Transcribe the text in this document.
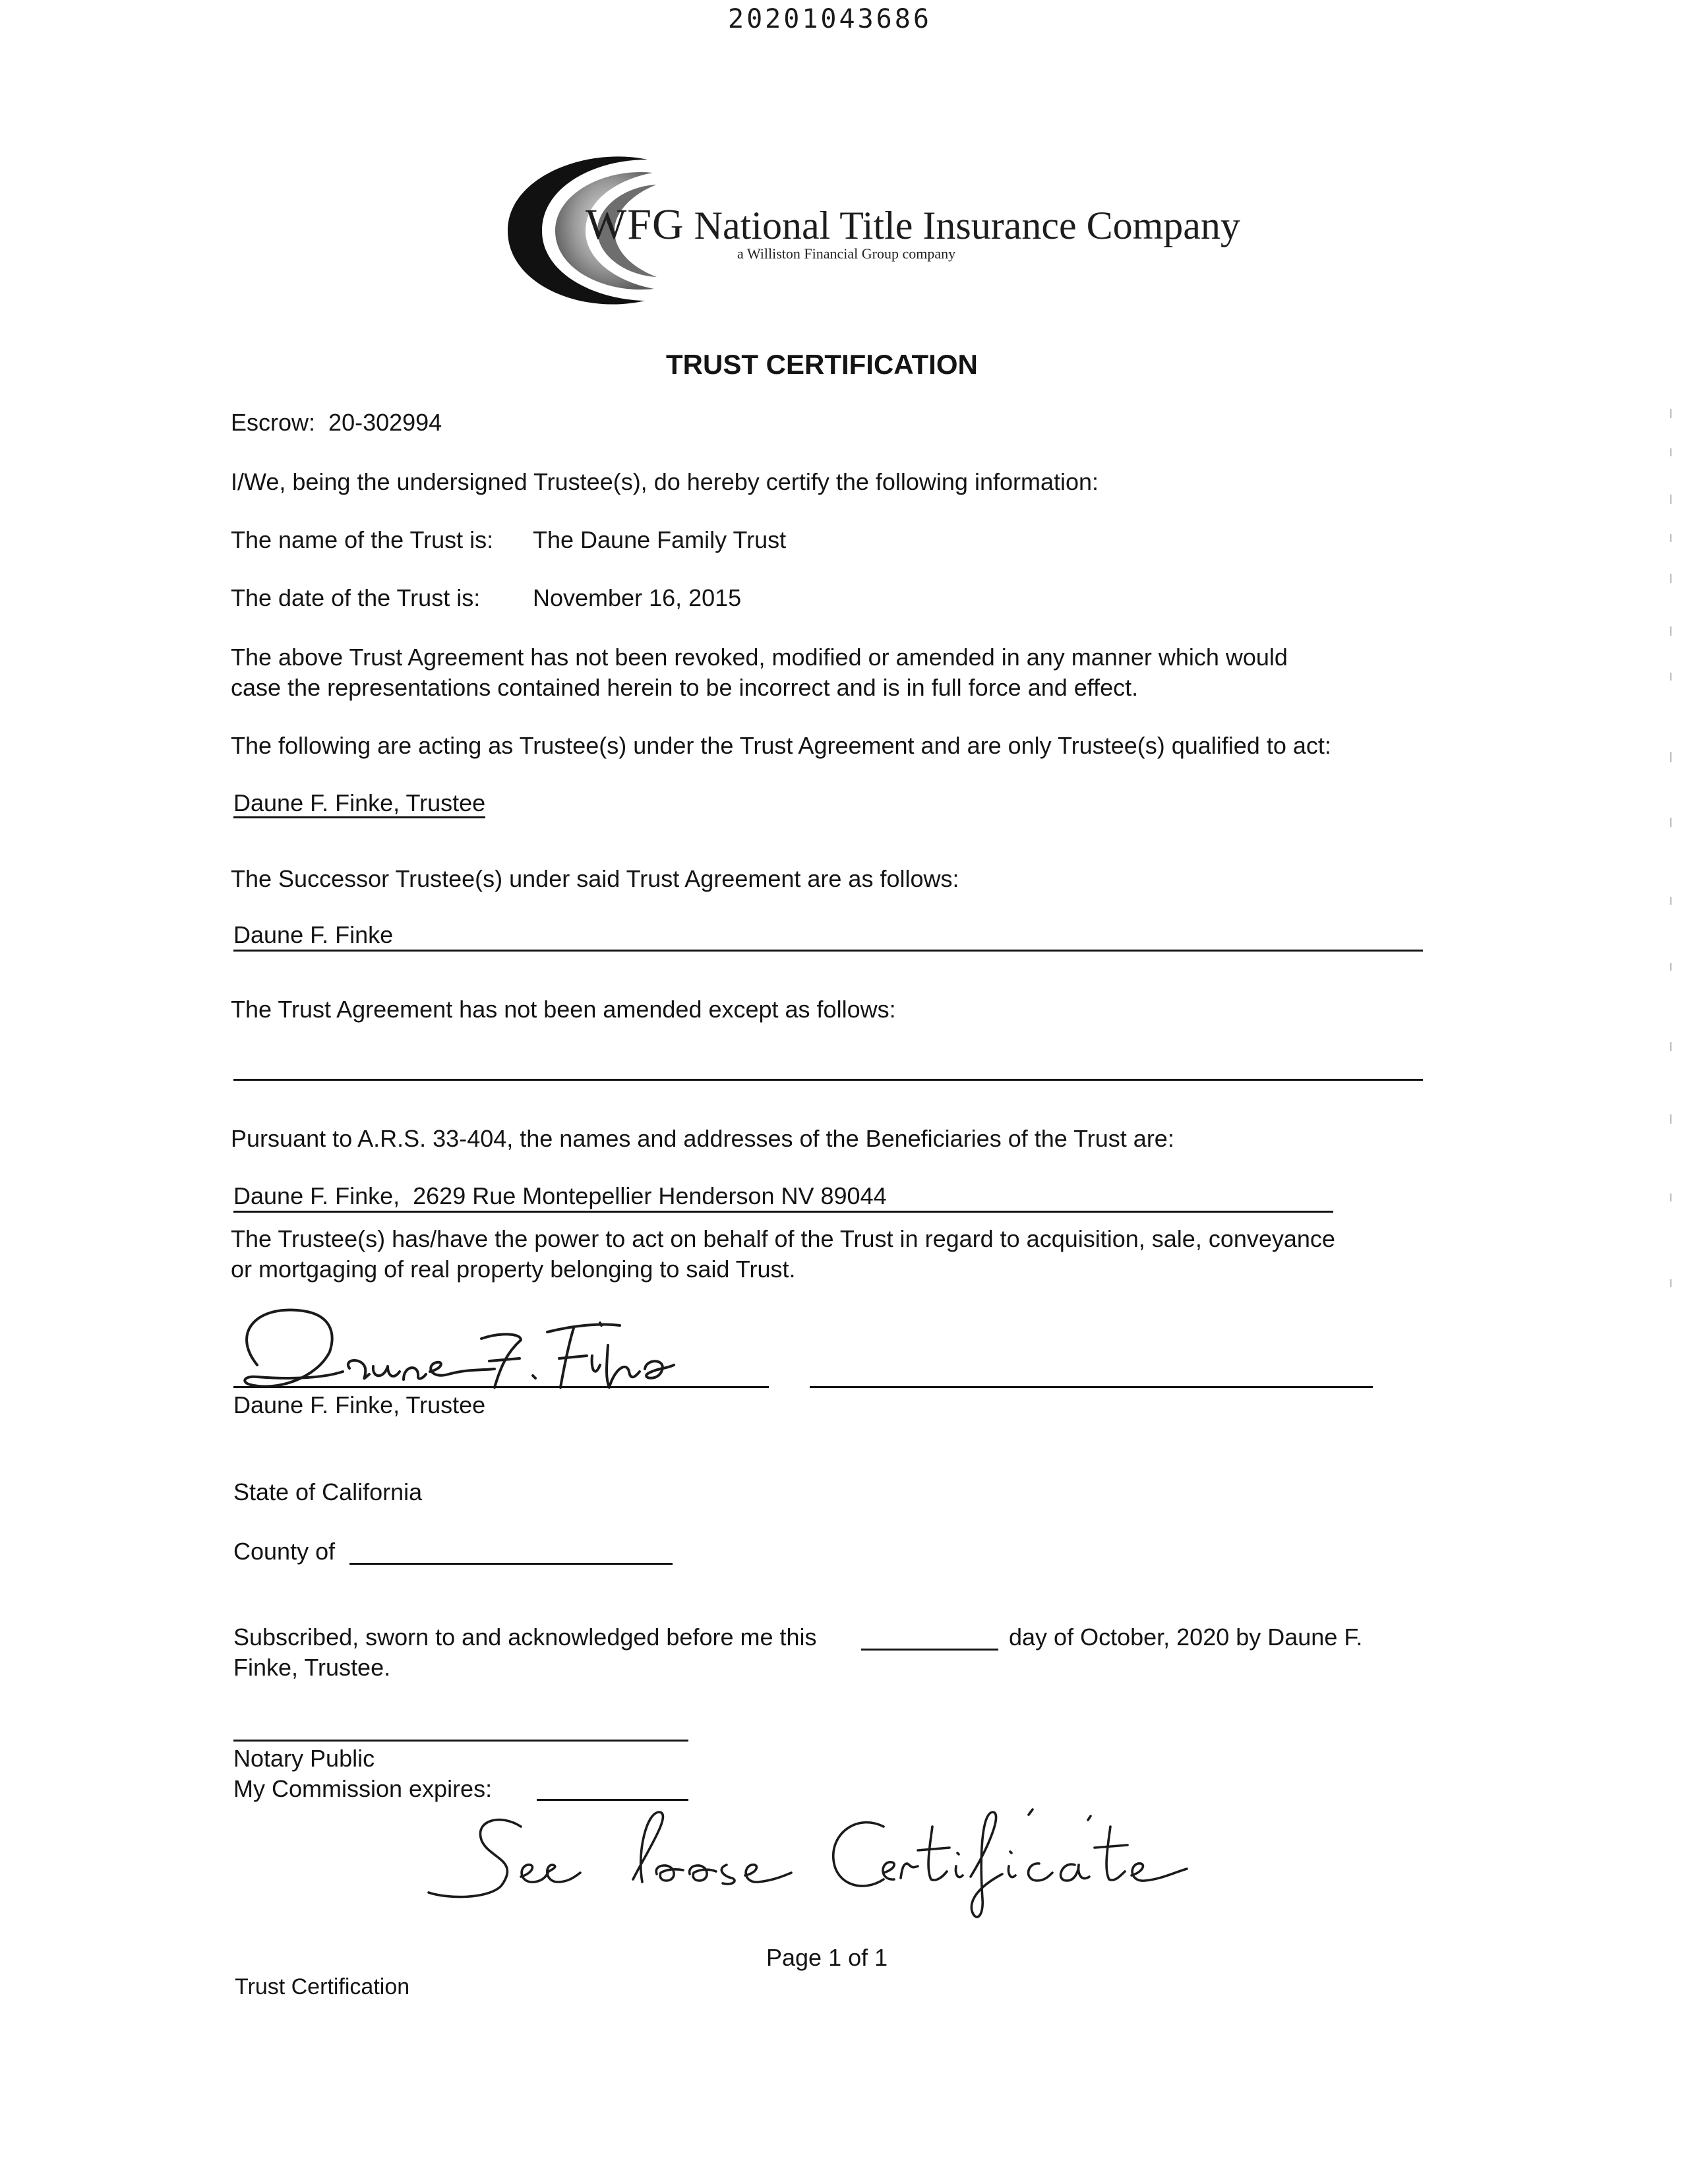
20201043686
WFG National Title Insurance Company
a Williston Financial Group company
TRUST CERTIFICATION
Escrow: 20-302994
I/We, being the undersigned Trustee(s), do hereby certify the following information:
The name of the Trust is: The Daune Family Trust
The date of the Trust is: November 16, 2015
The above Trust Agreement has not been revoked, modified or amended in any manner which would
case the representations contained herein to be incorrect and is in full force and effect.
The following are acting as Trustee(s) under the Trust Agreement and are only Trustee(s) qualified to act:
Daune F. Finke, Trustee
The Successor Trustee(s) under said Trust Agreement are as follows:
Daune F. Finke
The Trust Agreement has not been amended except as follows:
Pursuant to A.R.S. 33-404, the names and addresses of the Beneficiaries of the Trust are:
Daune F. Finke, 2629 Rue Montepellier Henderson NV 89044
The Trustee(s) has/have the power to act on behalf of the Trust in regard to acquisition, sale, conveyance
or mortgaging of real property belonging to said Trust.
Daune F. Finke, Trustee
State of California
County of
Subscribed, sworn to and acknowledged before me this	day of October, 2020 by Daune F.
Finke, Trustee.
Notary Public
My Commission expires:
Page 1 of 1
Trust Certification
